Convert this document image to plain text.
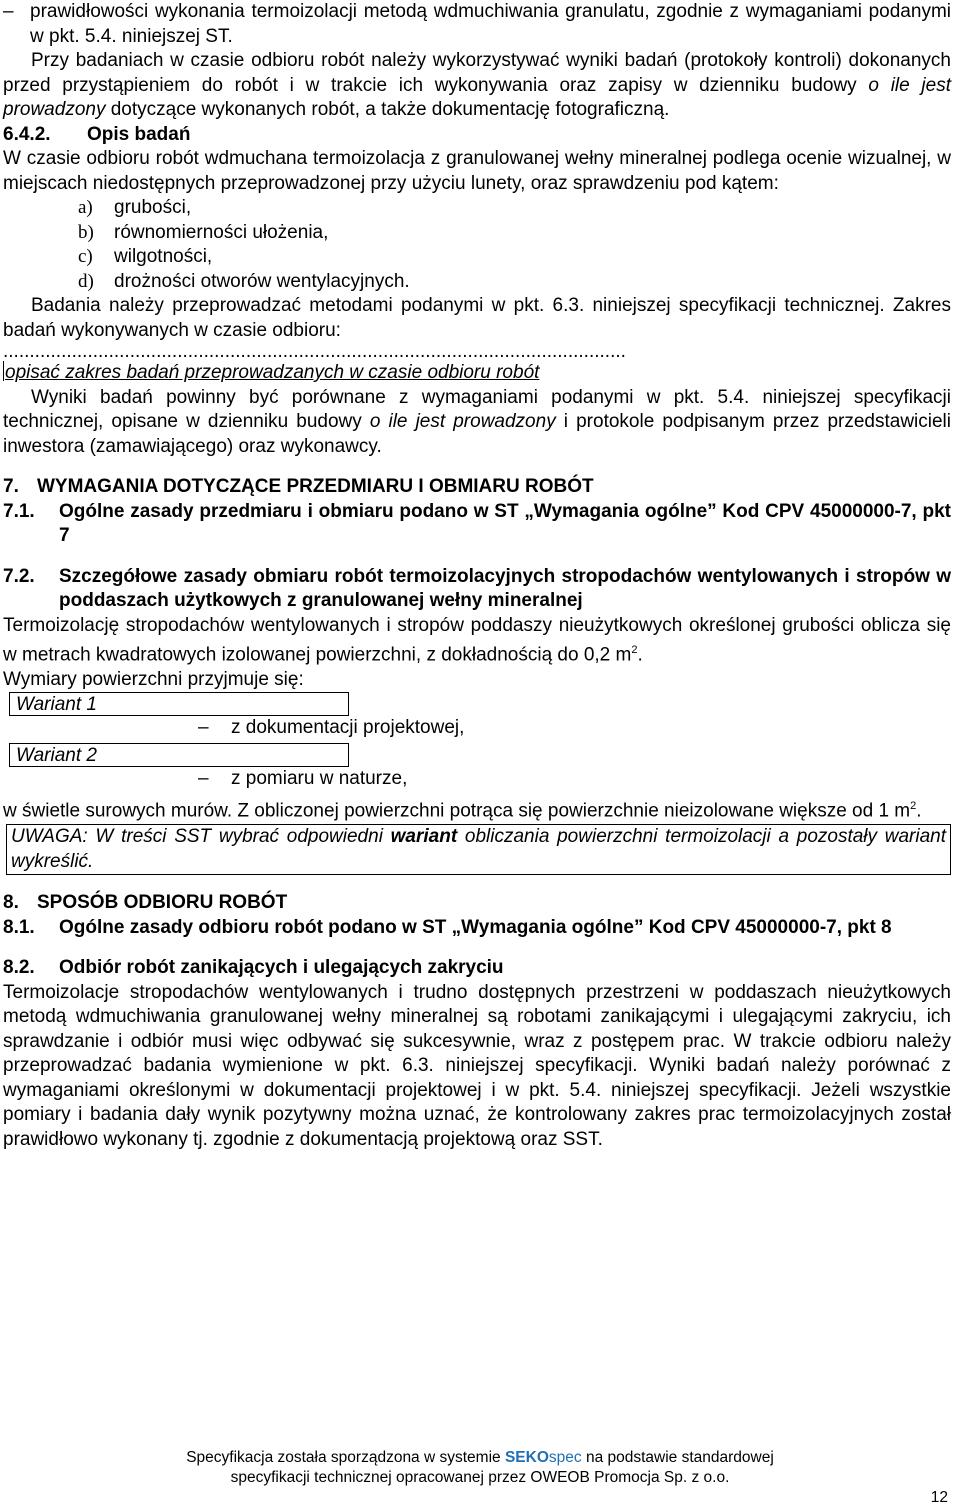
– prawidłowości wykonania termoizolacji metodą wdmuchiwania granulatu, zgodnie z wymaganiami podanymi w pkt. 5.4. niniejszej ST.

Przy badaniach w czasie odbioru robót należy wykorzystywać wyniki badań (protokoły kontroli) dokonanych przed przystąpieniem do robót i w trakcie ich wykonywania oraz zapisy w dzienniku budowy o ile jest prowadzony dotyczące wykonanych robót, a także dokumentację fotograficzną.

6.4.2.	Opis badań

W czasie odbioru robót wdmuchana termoizolacja z granulowanej wełny mineralnej podlega ocenie wizualnej, w miejscach niedostępnych przeprowadzonej przy użyciu lunety, oraz sprawdzeniu pod kątem:

a) grubości,
b) równomierności ułożenia,
c) wilgotności,
d) drożności otworów wentylacyjnych.

Badania należy przeprowadzać metodami podanymi w pkt. 6.3. niniejszej specyfikacji technicznej. Zakres badań wykonywanych w czasie odbioru:

......................................................................................................................
opisać zakres badań przeprowadzanych w czasie odbioru robót

Wyniki badań powinny być porównane z wymaganiami podanymi w pkt. 5.4. niniejszej specyfikacji technicznej, opisane w dzienniku budowy o ile jest prowadzony i protokole podpisanym przez przedstawicieli inwestora (zamawiającego) oraz wykonawcy.

7. WYMAGANIA DOTYCZĄCE PRZEDMIARU I OBMIARU ROBÓT
7.1.	Ogólne zasady przedmiaru i obmiaru podano w ST „Wymagania ogólne” Kod CPV 45000000-7, pkt 7
7.2.	Szczegółowe zasady obmiaru robót termoizolacyjnych stropodachów wentylowanych i stropów w poddaszach użytkowych z granulowanej wełny mineralnej

Termoizolację stropodachów wentylowanych i stropów poddaszy nieużytkowych określonej grubości oblicza się w metrach kwadratowych izolowanej powierzchni, z dokładnością do 0,2 $m^2$.

Wymiary powierzchni przyjmuje się:

Wariant 1
– z dokumentacji projektowej,
Wariant 2
– z pomiaru w naturze,

w świetle surowych murów. Z obliczonej powierzchni potrąca się powierzchnie nieizolowane większe od 1 $m^2$.

UWAGA: W treści SST wybrać odpowiedni wariant obliczania powierzchni termoizolacji a pozostały wariant wykreślić.

8. SPOSÓB ODBIORU ROBÓT
8.1.	Ogólne zasady odbioru robót podano w ST „Wymagania ogólne” Kod CPV 45000000-7, pkt 8
8.2.	Odbiór robót zanikających i ulegających zakryciu

Termoizolacje stropodachów wentylowanych i trudno dostępnych przestrzeni w poddaszach nieużytkowych metodą wdmuchiwania granulowanej wełny mineralnej są robotami zanikającymi i ulegającymi zakryciu, ich sprawdzanie i odbiór musi więc odbywać się sukcesywnie, wraz z postępem prac. W trakcie odbioru należy przeprowadzać badania wymienione w pkt. 6.3. niniejszej specyfikacji. Wyniki badań należy porównać z wymaganiami określonymi w dokumentacji projektowej i w pkt. 5.4. niniejszej specyfikacji. Jeżeli wszystkie pomiary i badania dały wynik pozytywny można uznać, że kontrolowany zakres prac termoizolacyjnych został prawidłowo wykonany tj. zgodnie z dokumentacją projektową oraz SST.

Specyfikacja została sporządzona w systemie SEKOspec na podstawie standardowej
specyfikacji technicznej opracowanej przez OWEOB Promocja Sp. z o.o.
12
